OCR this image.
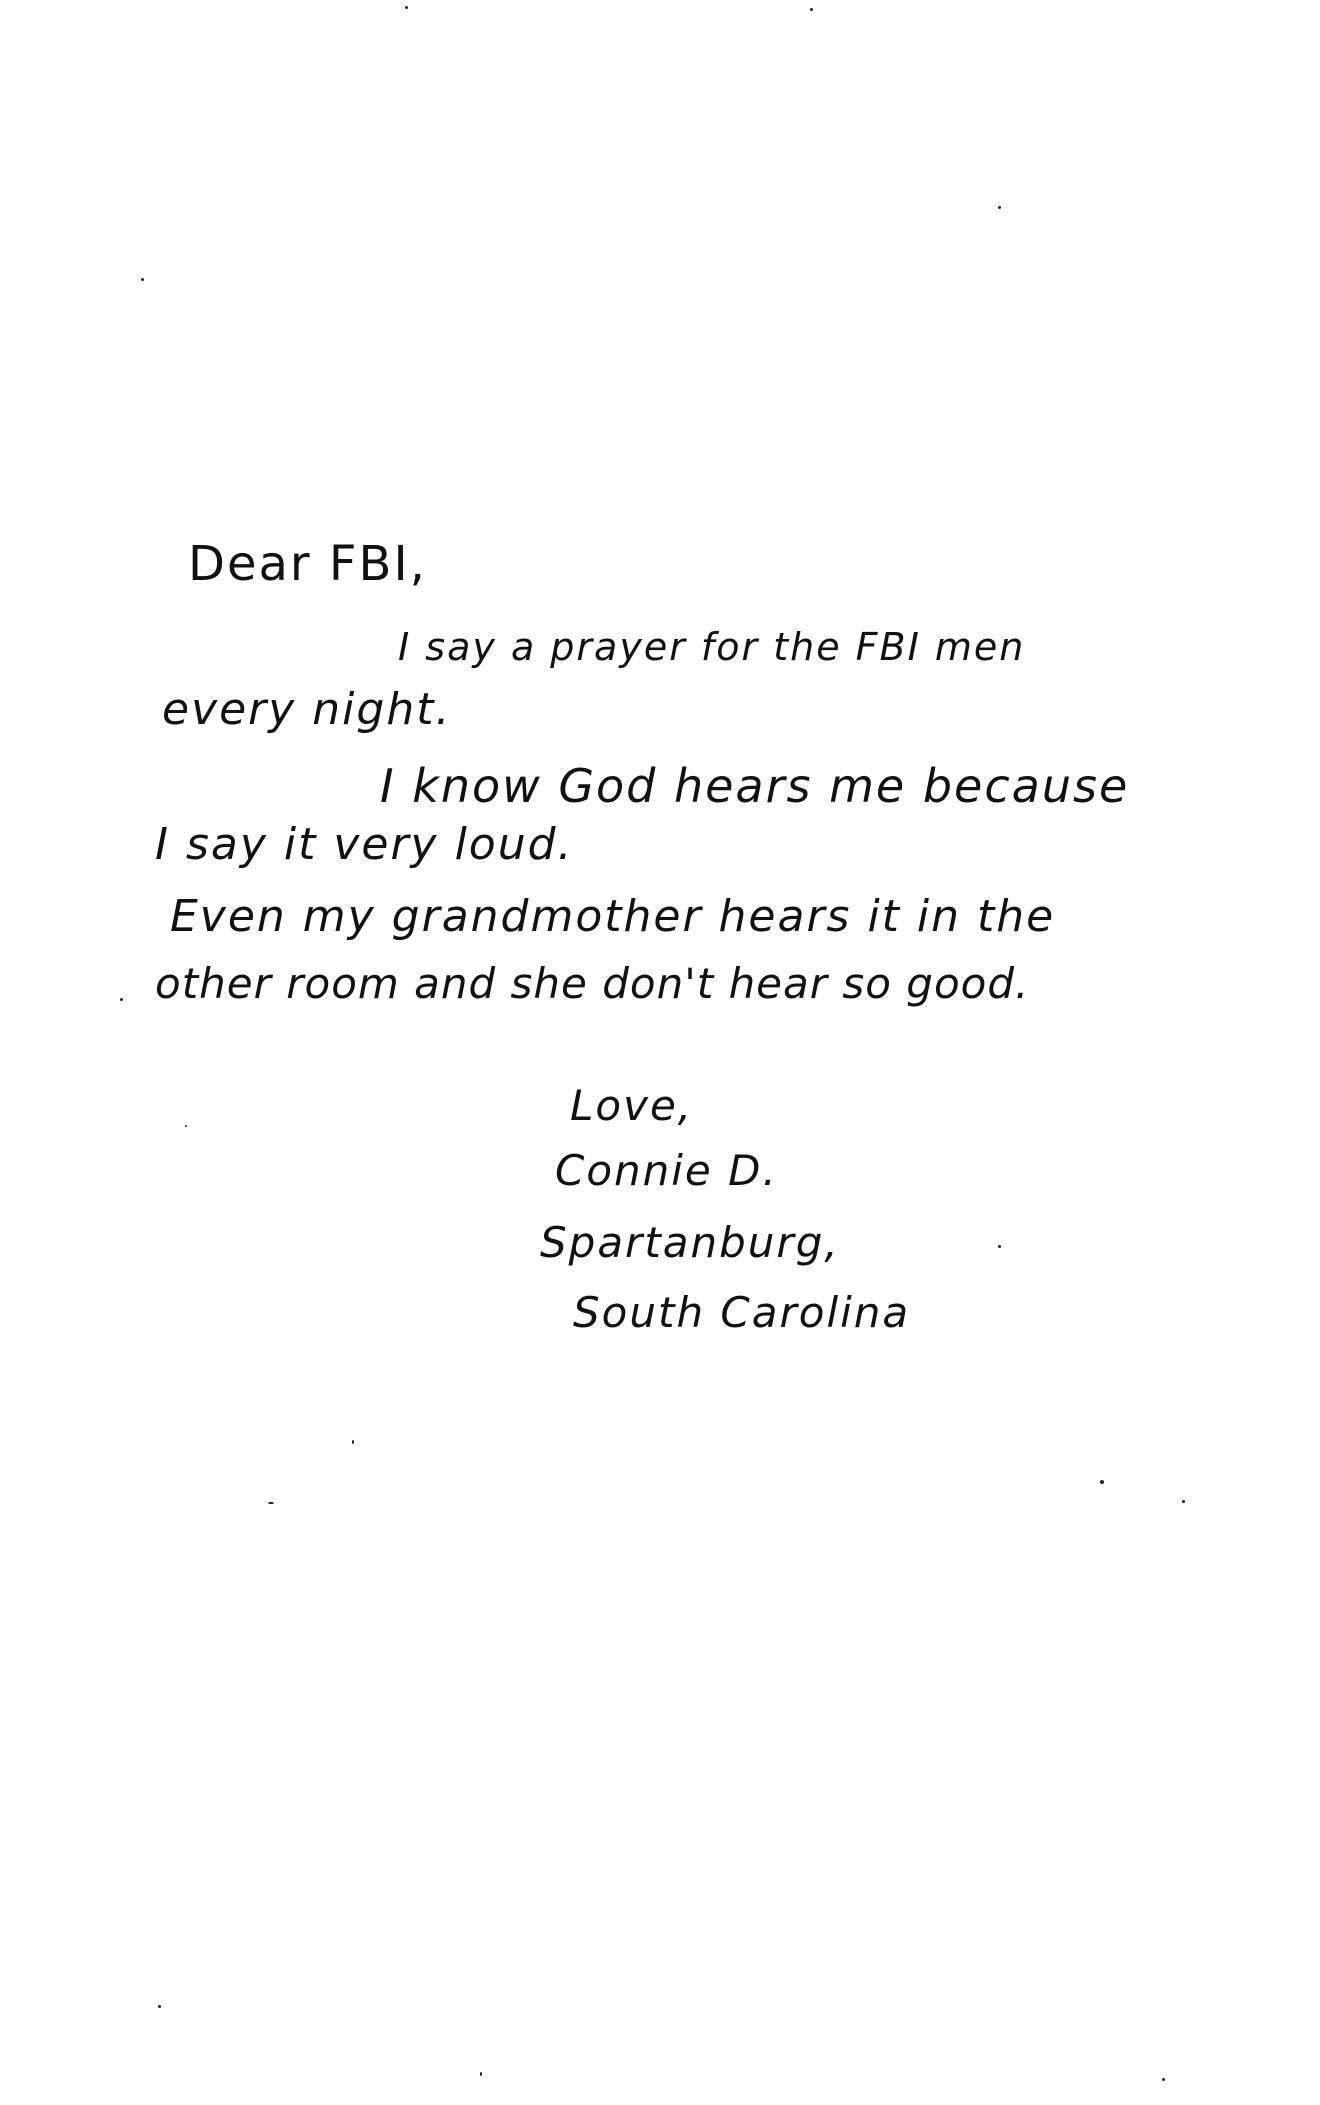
Dear FBI,
I say a prayer for the FBI men
every night.
I know God hears me because
I say it very loud.
Even my grandmother hears it in the
other room and she don't hear so good.
Love,
Connie D.
Spartanburg,
South Carolina
